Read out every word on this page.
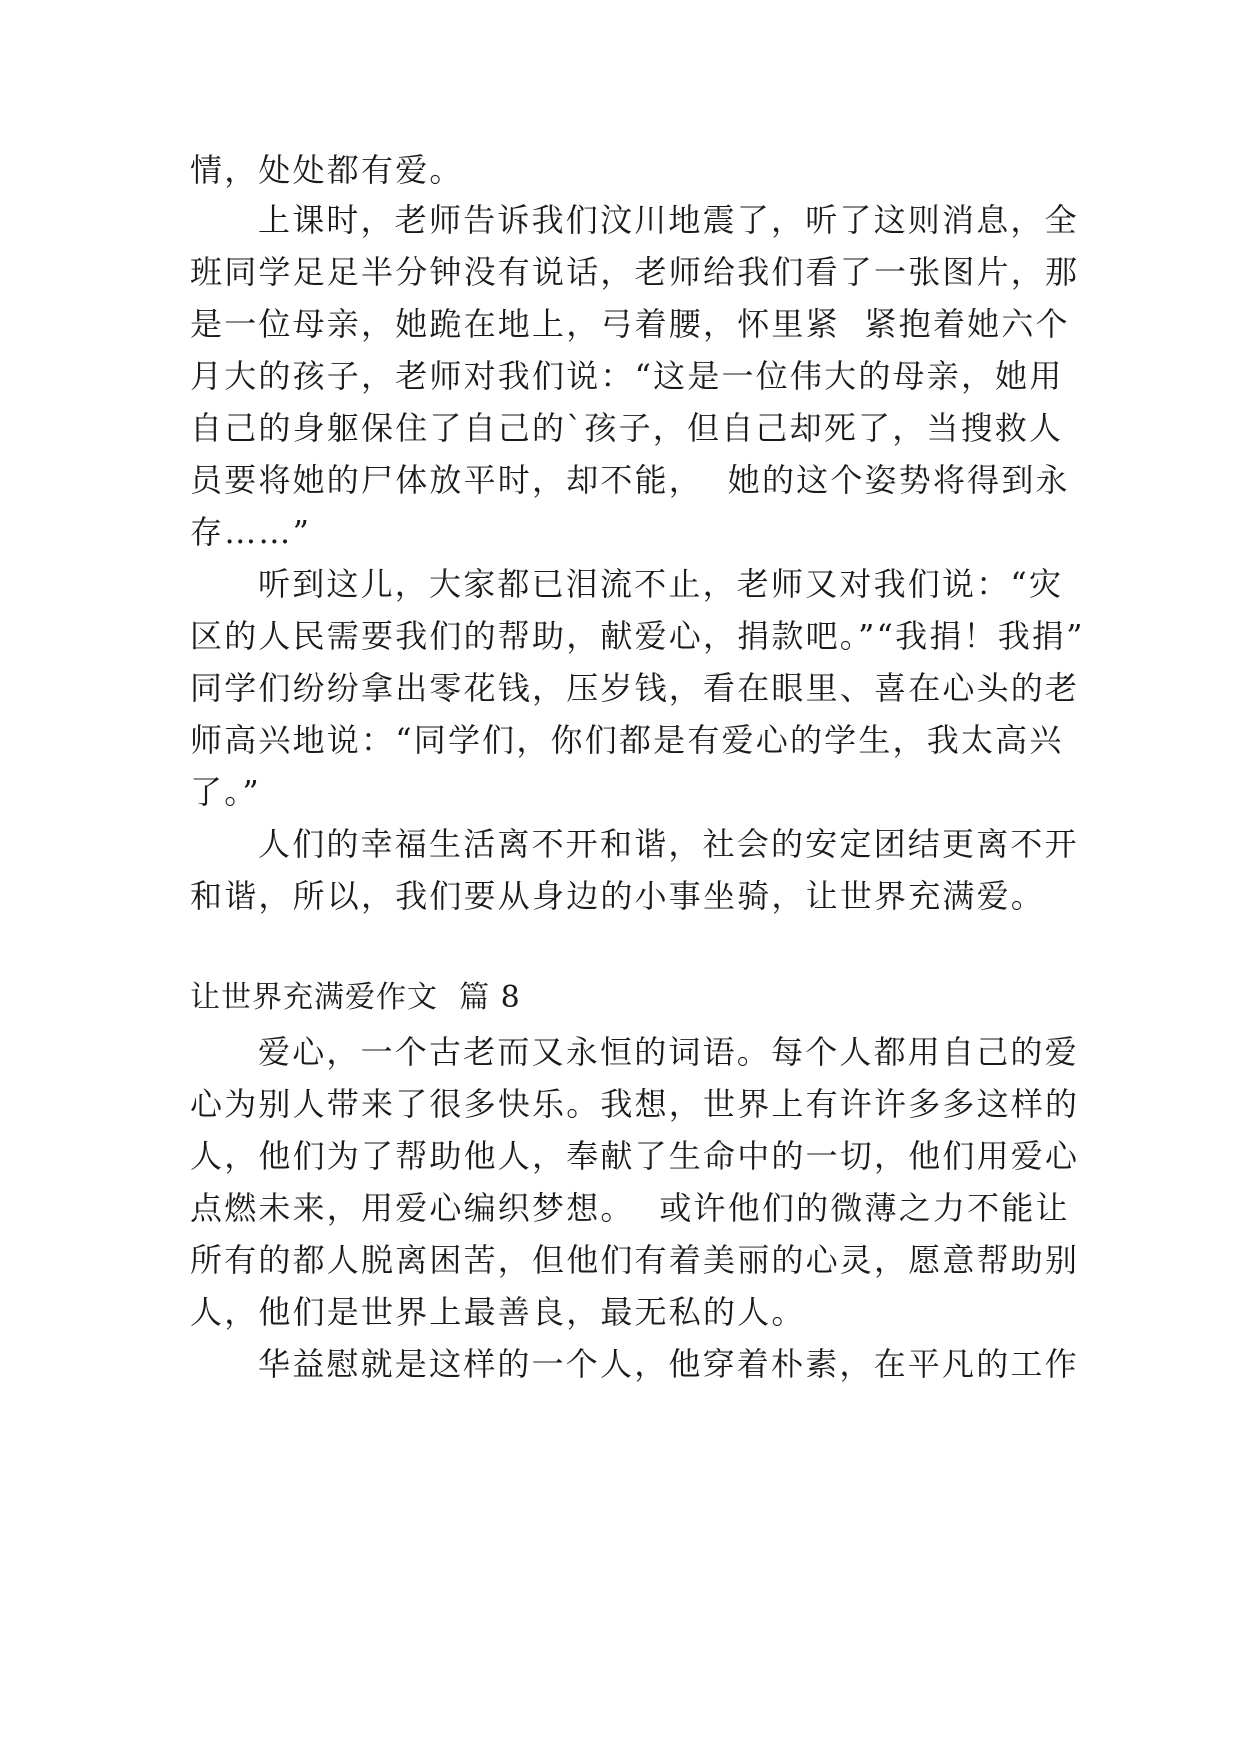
情，处处都有爱。
上课时，老师告诉我们汶川地震了，听了这则消息，全
班同学足足半分钟没有说话，老师给我们看了一张图片，那
是一位母亲，她跪在地上，弓着腰，怀里紧  紧抱着她六个
月大的孩子，老师对我们说：“这是一位伟大的母亲，她用
自己的身躯保住了自己的`孩子，但自己却死了，当搜救人
员要将她的尸体放平时，却不能，  她的这个姿势将得到永
存……”
听到这儿，大家都已泪流不止，老师又对我们说：“灾
区的人民需要我们的帮助，献爱心，捐款吧。”“我捐！我捐”
同学们纷纷拿出零花钱，压岁钱，看在眼里、喜在心头的老
师高兴地说：“同学们，你们都是有爱心的学生，我太高兴
了。”
人们的幸福生活离不开和谐，社会的安定团结更离不开
和谐，所以，我们要从身边的小事坐骑，让世界充满爱。
让世界充满爱作文  篇 8
爱心，一个古老而又永恒的词语。每个人都用自己的爱
心为别人带来了很多快乐。我想，世界上有许许多多这样的
人，他们为了帮助他人，奉献了生命中的一切，他们用爱心
点燃未来，用爱心编织梦想。  或许他们的微薄之力不能让
所有的都人脱离困苦，但他们有着美丽的心灵，愿意帮助别
人，他们是世界上最善良，最无私的人。
华益慰就是这样的一个人，他穿着朴素，在平凡的工作
